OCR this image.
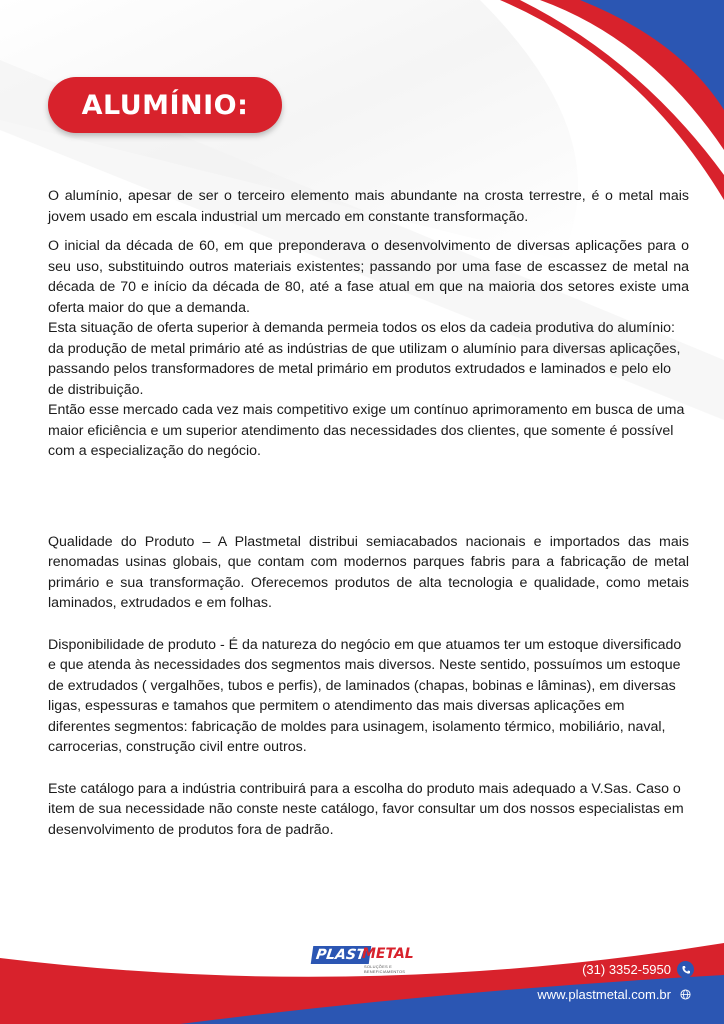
ALUMÍNIO:

O alumínio, apesar de ser o terceiro elemento mais abundante na crosta terrestre, é o metal mais jovem usado em escala industrial um mercado em constante transformação.

O inicial da década de 60, em que preponderava o desenvolvimento de diversas aplicações para o seu uso, substituindo outros materiais existentes; passando por uma fase de escassez de metal na década de 70 e início da década de 80, até a fase atual em que na maioria dos setores existe uma oferta maior do que a demanda.

Esta situação de oferta superior à demanda permeia todos os elos da cadeia produtiva do alumínio: da produção de metal primário até as indústrias de que utilizam o alumínio para diversas aplicações, passando pelos transformadores de metal primário em produtos extrudados e laminados e pelo elo de distribuição.

Então esse mercado cada vez mais competitivo exige um contínuo aprimoramento em busca de uma maior eficiência e um superior atendimento das necessidades dos clientes, que somente é possível com a especialização do negócio.

Qualidade do Produto – A Plastmetal distribui semiacabados nacionais e importados das mais renomadas usinas globais, que contam com modernos parques fabris para a fabricação de metal primário e sua transformação. Oferecemos produtos de alta tecnologia e qualidade, como metais laminados, extrudados e em folhas.

Disponibilidade de produto - É da natureza do negócio em que atuamos ter um estoque diversificado e que atenda às necessidades dos segmentos mais diversos. Neste sentido, possuímos um estoque de extrudados ( vergalhões, tubos e perfis), de laminados (chapas, bobinas e lâminas), em diversas ligas, espessuras e tamahos que permitem o atendimento das mais diversas aplicações em diferentes segmentos: fabricação de moldes para usinagem, isolamento térmico, mobiliário, naval, carrocerias, construção civil entre outros.

Este catálogo para a indústria contribuirá para a escolha do produto mais adequado a V.Sas. Caso o item de sua necessidade não conste neste catálogo, favor consultar um dos nossos especialistas em desenvolvimento de produtos fora de padrão.

PLAST
METAL
SOLUÇÕES E BENEFICIAMENTOS	(31) 3352-5950
www.plastmetal.com.br
